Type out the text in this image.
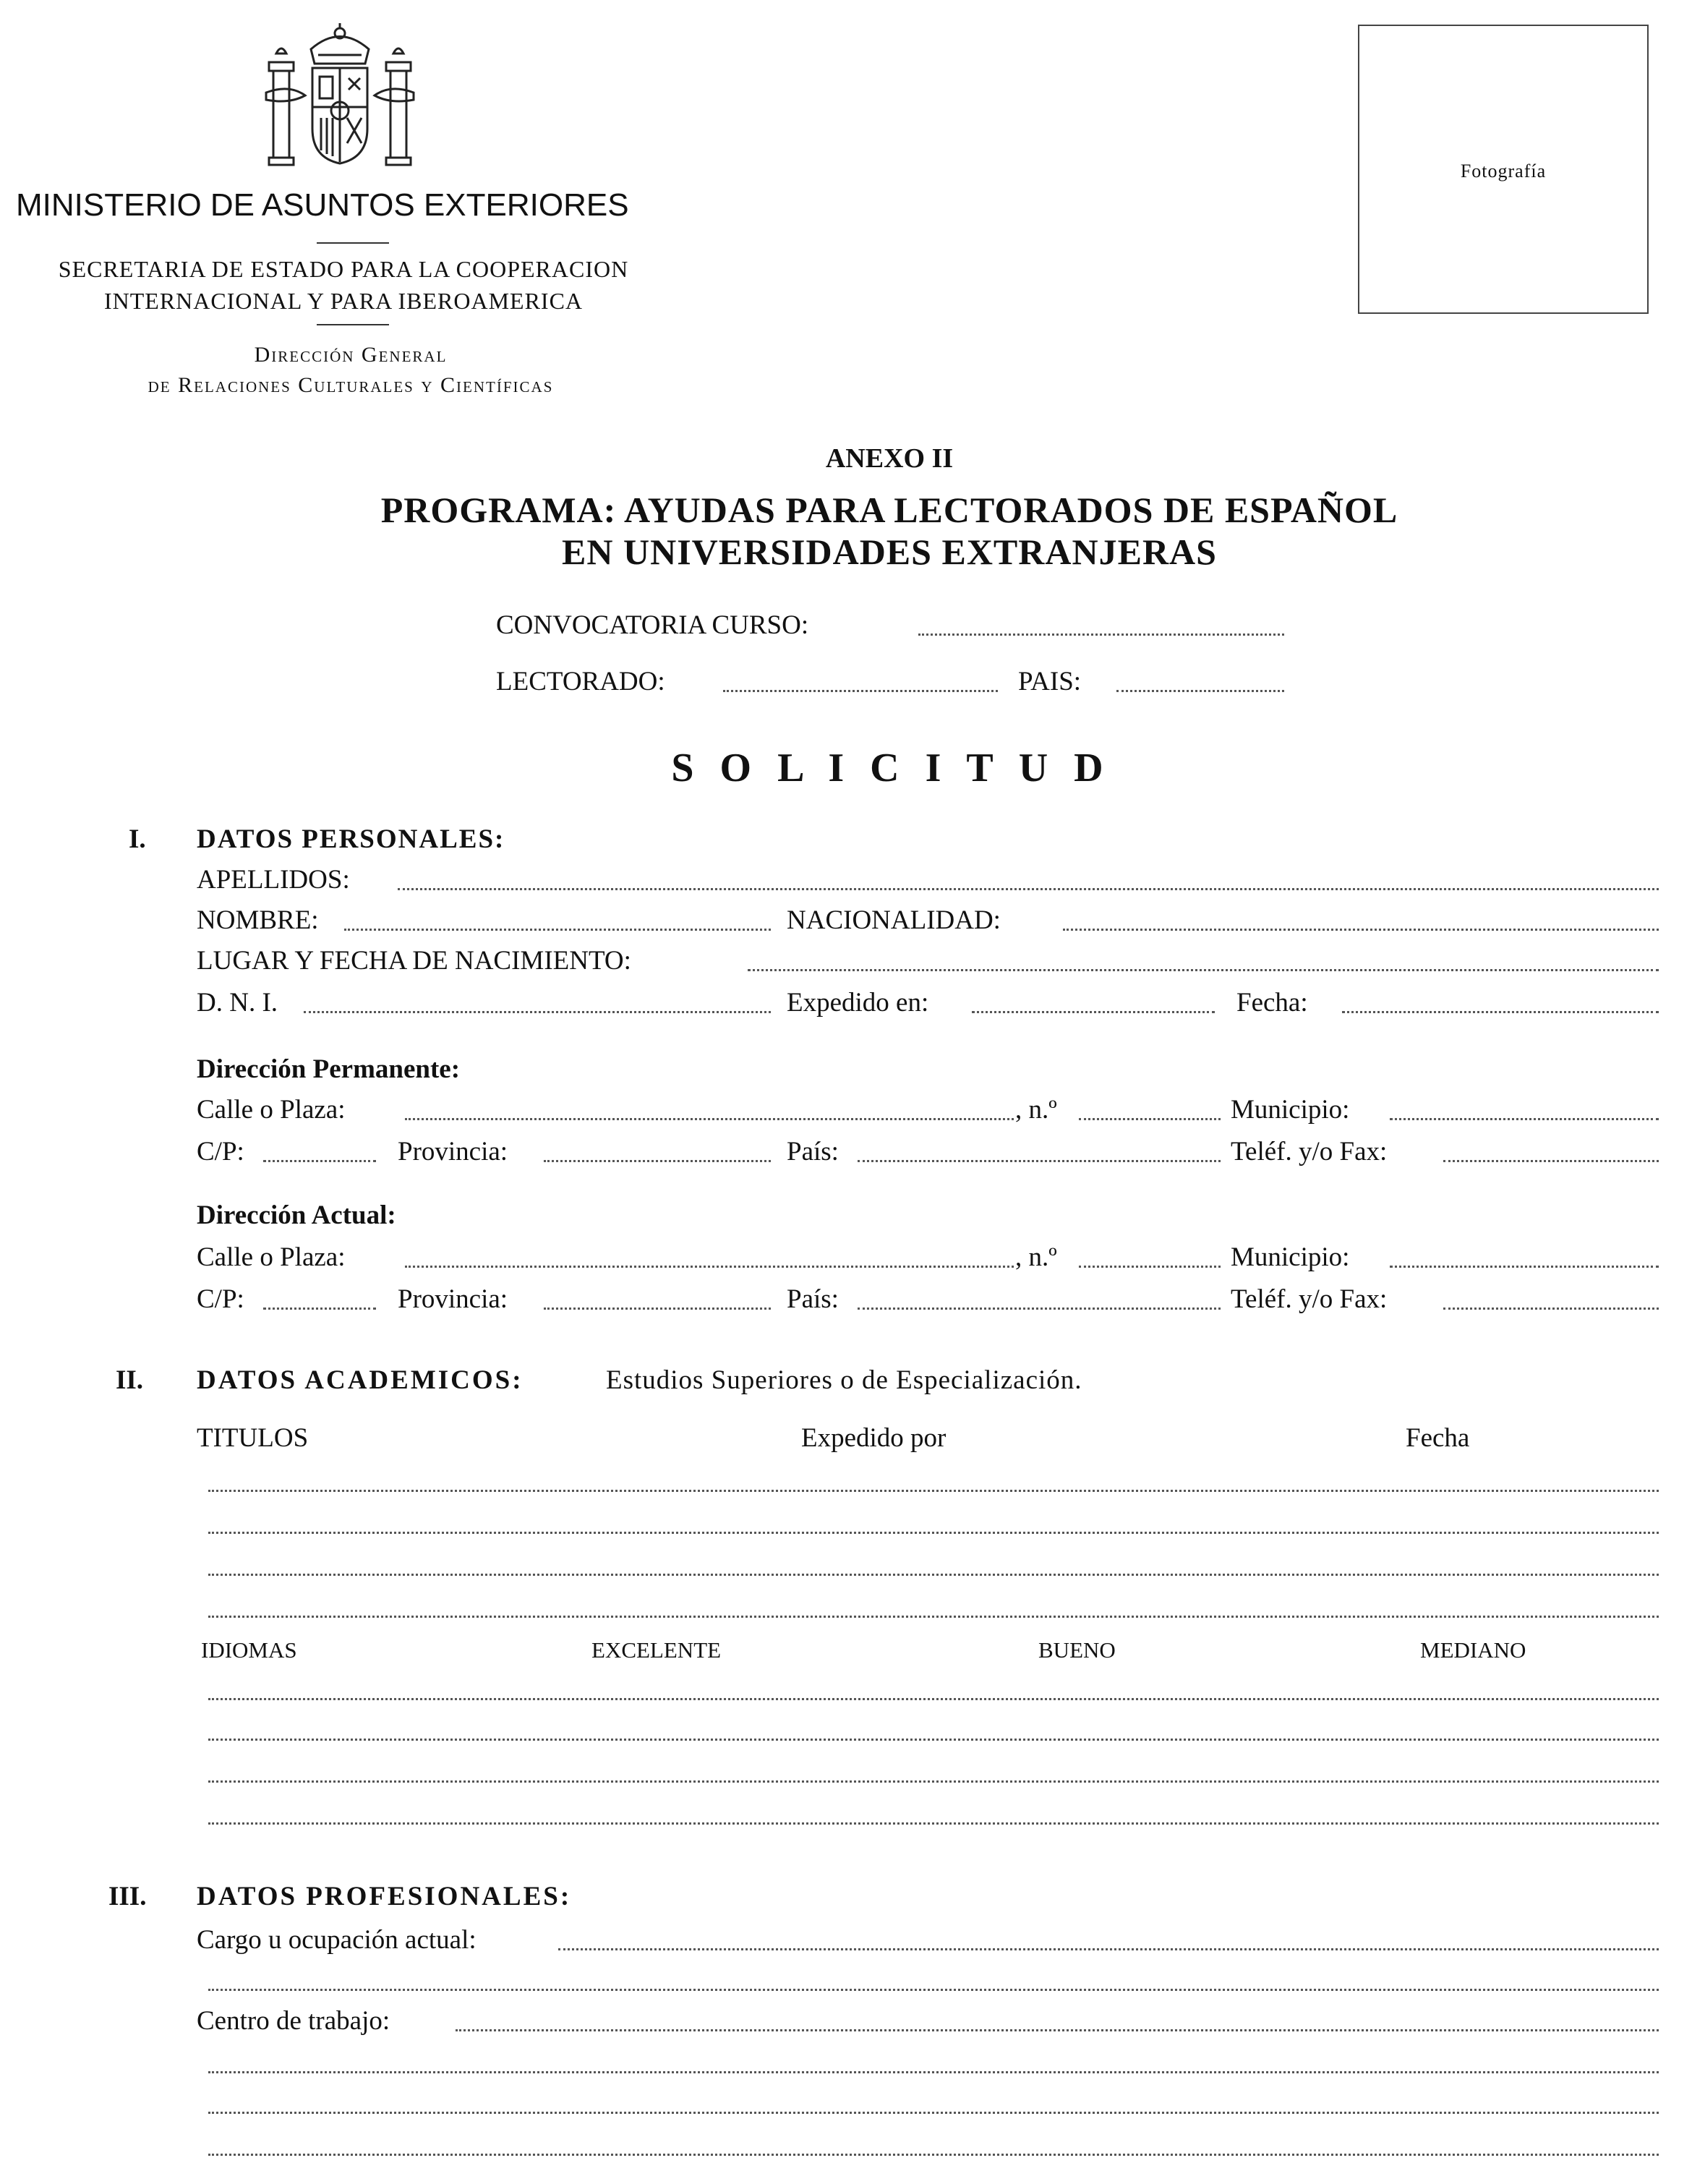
MINISTERIO DE ASUNTOS EXTERIORES
SECRETARIA DE ESTADO PARA LA COOPERACION
INTERNACIONAL Y PARA IBEROAMERICA
Dirección General
de Relaciones Culturales y Científicas
Fotografía
ANEXO II
PROGRAMA: AYUDAS PARA LECTORADOS DE ESPAÑOL
EN UNIVERSIDADES EXTRANJERAS
CONVOCATORIA CURSO:
LECTORADO:	PAIS:
S O L I C I T U D
I. DATOS PERSONALES:
APELLIDOS:
NOMBRE:	NACIONALIDAD:
LUGAR Y FECHA DE NACIMIENTO:
D. N. I.	Expedido en:	Fecha:
Dirección Permanente:
Calle o Plaza:	, n.º	Municipio:
C/P:	Provincia:	País:	Teléf. y/o Fax:
Dirección Actual:
Calle o Plaza:	, n.º	Municipio:
C/P:	Provincia:	País:	Teléf. y/o Fax:
II. DATOS ACADEMICOS:	Estudios Superiores o de Especialización.
TITULOS	Expedido por	Fecha
IDIOMAS	EXCELENTE	BUENO	MEDIANO
III. DATOS PROFESIONALES:
Cargo u ocupación actual:
Centro de trabajo:
